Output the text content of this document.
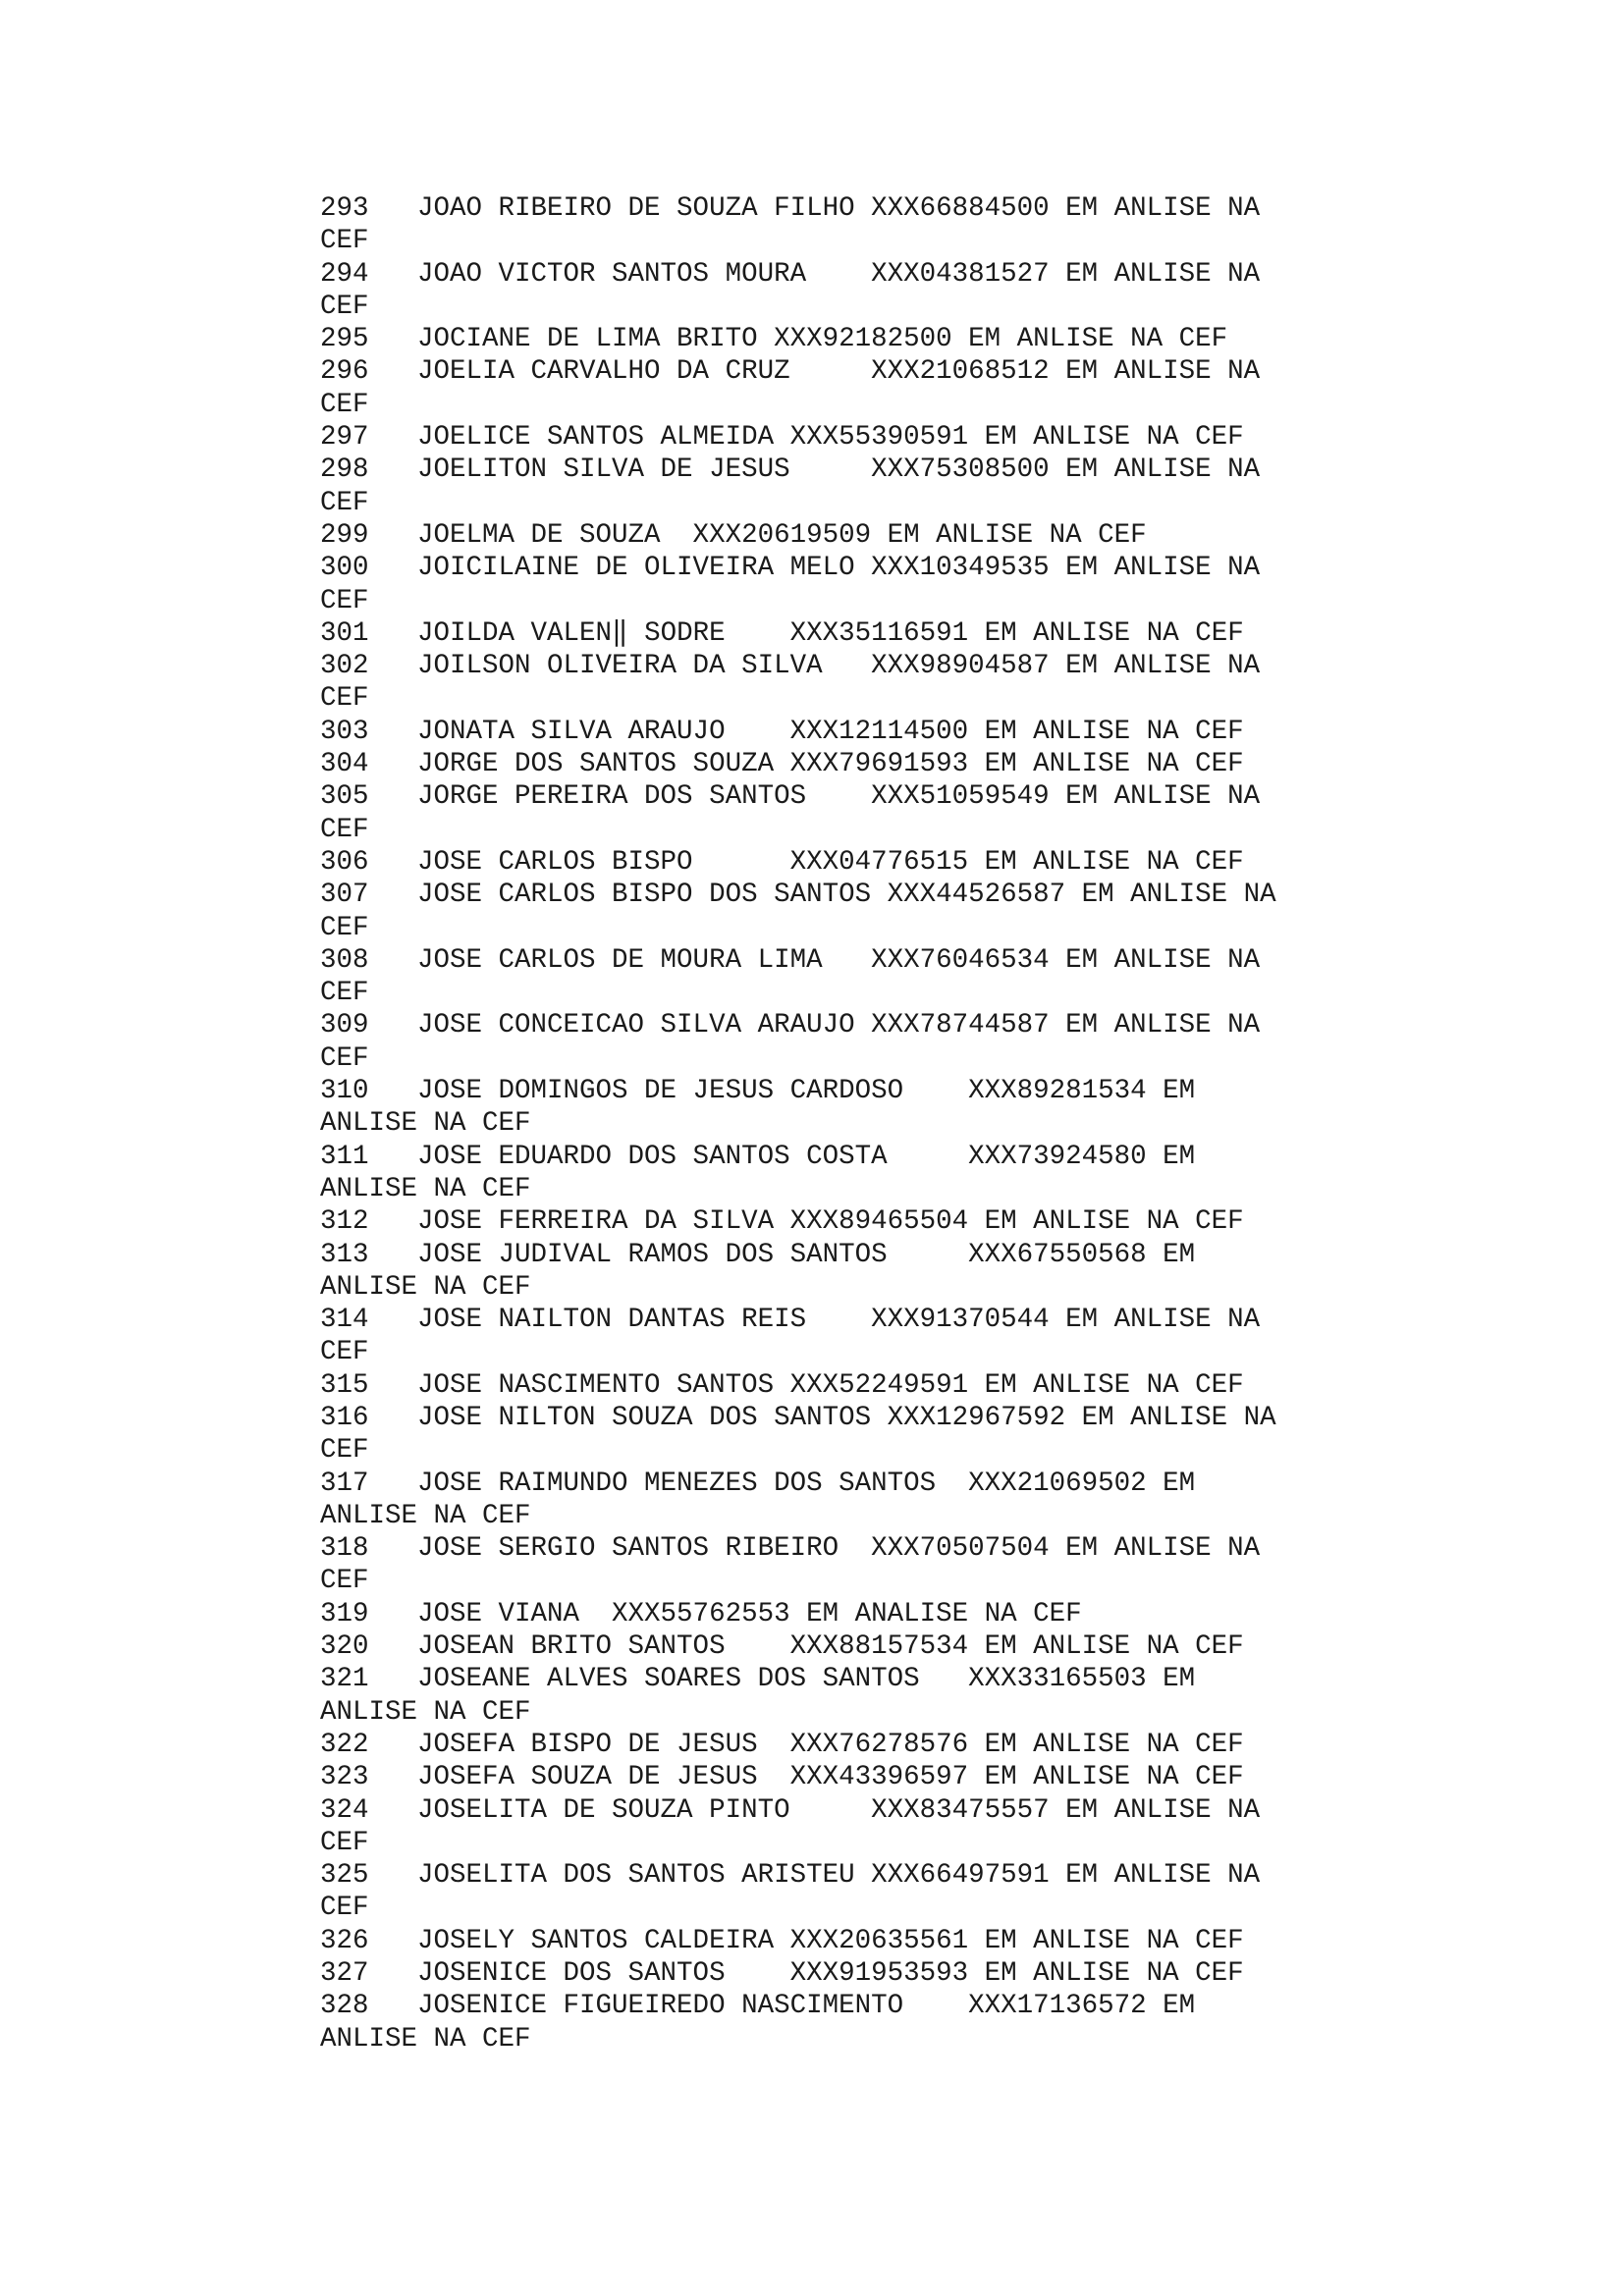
293   JOAO RIBEIRO DE SOUZA FILHO XXX66884500 EM ANLISE NA
CEF
294   JOAO VICTOR SANTOS MOURA    XXX04381527 EM ANLISE NA
CEF
295   JOCIANE DE LIMA BRITO XXX92182500 EM ANLISE NA CEF
296   JOELIA CARVALHO DA CRUZ     XXX21068512 EM ANLISE NA
CEF
297   JOELICE SANTOS ALMEIDA XXX55390591 EM ANLISE NA CEF
298   JOELITON SILVA DE JESUS     XXX75308500 EM ANLISE NA
CEF
299   JOELMA DE SOUZA  XXX20619509 EM ANLISE NA CEF
300   JOICILAINE DE OLIVEIRA MELO XXX10349535 EM ANLISE NA
CEF
301   JOILDA VALEN‖ SODRE    XXX35116591 EM ANLISE NA CEF
302   JOILSON OLIVEIRA DA SILVA   XXX98904587 EM ANLISE NA
CEF
303   JONATA SILVA ARAUJO    XXX12114500 EM ANLISE NA CEF
304   JORGE DOS SANTOS SOUZA XXX79691593 EM ANLISE NA CEF
305   JORGE PEREIRA DOS SANTOS    XXX51059549 EM ANLISE NA
CEF
306   JOSE CARLOS BISPO      XXX04776515 EM ANLISE NA CEF
307   JOSE CARLOS BISPO DOS SANTOS XXX44526587 EM ANLISE NA
CEF
308   JOSE CARLOS DE MOURA LIMA   XXX76046534 EM ANLISE NA
CEF
309   JOSE CONCEICAO SILVA ARAUJO XXX78744587 EM ANLISE NA
CEF
310   JOSE DOMINGOS DE JESUS CARDOSO    XXX89281534 EM
ANLISE NA CEF
311   JOSE EDUARDO DOS SANTOS COSTA     XXX73924580 EM
ANLISE NA CEF
312   JOSE FERREIRA DA SILVA XXX89465504 EM ANLISE NA CEF
313   JOSE JUDIVAL RAMOS DOS SANTOS     XXX67550568 EM
ANLISE NA CEF
314   JOSE NAILTON DANTAS REIS    XXX91370544 EM ANLISE NA
CEF
315   JOSE NASCIMENTO SANTOS XXX52249591 EM ANLISE NA CEF
316   JOSE NILTON SOUZA DOS SANTOS XXX12967592 EM ANLISE NA
CEF
317   JOSE RAIMUNDO MENEZES DOS SANTOS  XXX21069502 EM
ANLISE NA CEF
318   JOSE SERGIO SANTOS RIBEIRO  XXX70507504 EM ANLISE NA
CEF
319   JOSE VIANA  XXX55762553 EM ANALISE NA CEF
320   JOSEAN BRITO SANTOS    XXX88157534 EM ANLISE NA CEF
321   JOSEANE ALVES SOARES DOS SANTOS   XXX33165503 EM
ANLISE NA CEF
322   JOSEFA BISPO DE JESUS  XXX76278576 EM ANLISE NA CEF
323   JOSEFA SOUZA DE JESUS  XXX43396597 EM ANLISE NA CEF
324   JOSELITA DE SOUZA PINTO     XXX83475557 EM ANLISE NA
CEF
325   JOSELITA DOS SANTOS ARISTEU XXX66497591 EM ANLISE NA
CEF
326   JOSELY SANTOS CALDEIRA XXX20635561 EM ANLISE NA CEF
327   JOSENICE DOS SANTOS    XXX91953593 EM ANLISE NA CEF
328   JOSENICE FIGUEIREDO NASCIMENTO    XXX17136572 EM
ANLISE NA CEF
